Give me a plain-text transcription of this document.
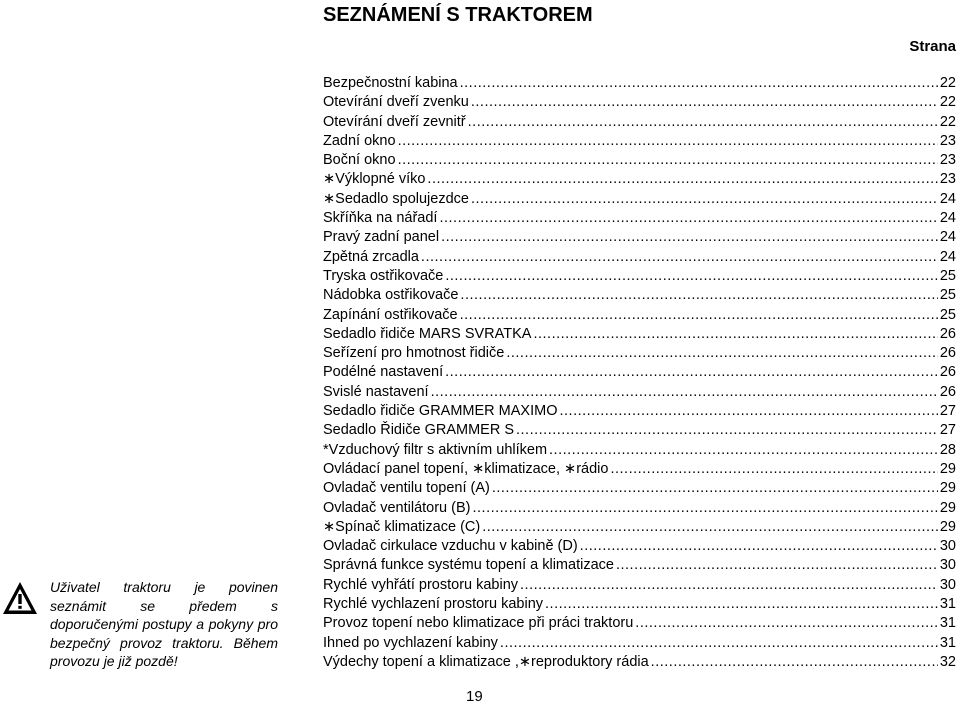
SEZNÁMENÍ S TRAKTOREM
Strana
Uživatel traktoru je povinen seznámit se předem s doporučenými postupy a pokyny pro bezpečný provoz traktoru. Během provozu je již pozdě!
Bezpečnostní kabina .....	22
Otevírání dveří zvenku .....	22
Otevírání dveří zevnitř .....	22
Zadní okno .....	23
Boční okno .....	23
∗Výklopné víko .....	23
∗Sedadlo spolujezdce .....	24
Skříňka na nářadí .....	24
Pravý zadní panel .....	24
Zpětná zrcadla .....	24
Tryska ostřikovače .....	25
Nádobka ostřikovače .....	25
Zapínání ostřikovače .....	25
Sedadlo řidiče MARS SVRATKA .....	26
Seřízení pro hmotnost řidiče .....	26
Podélné nastavení .....	26
Svislé nastavení .....	26
Sedadlo řidiče GRAMMER MAXIMO .....	27
Sedadlo Řidiče GRAMMER S .....	27
*Vzduchový filtr s aktivním uhlíkem .....	28
Ovládací panel topení, ∗klimatizace, ∗rádio .....	29
Ovladač ventilu topení (A) .....	29
Ovladač ventilátoru (B) .....	29
∗Spínač klimatizace (C) .....	29
Ovladač cirkulace vzduchu v kabině (D) .....	30
Správná funkce systému topení a klimatizace .....	30
Rychlé vyhřátí prostoru kabiny .....	30
Rychlé vychlazení prostoru kabiny .....	31
Provoz topení nebo klimatizace při práci traktoru .....	31
Ihned po vychlazení kabiny .....	31
Výdechy topení a klimatizace ,∗reproduktory rádia .....	32
19
